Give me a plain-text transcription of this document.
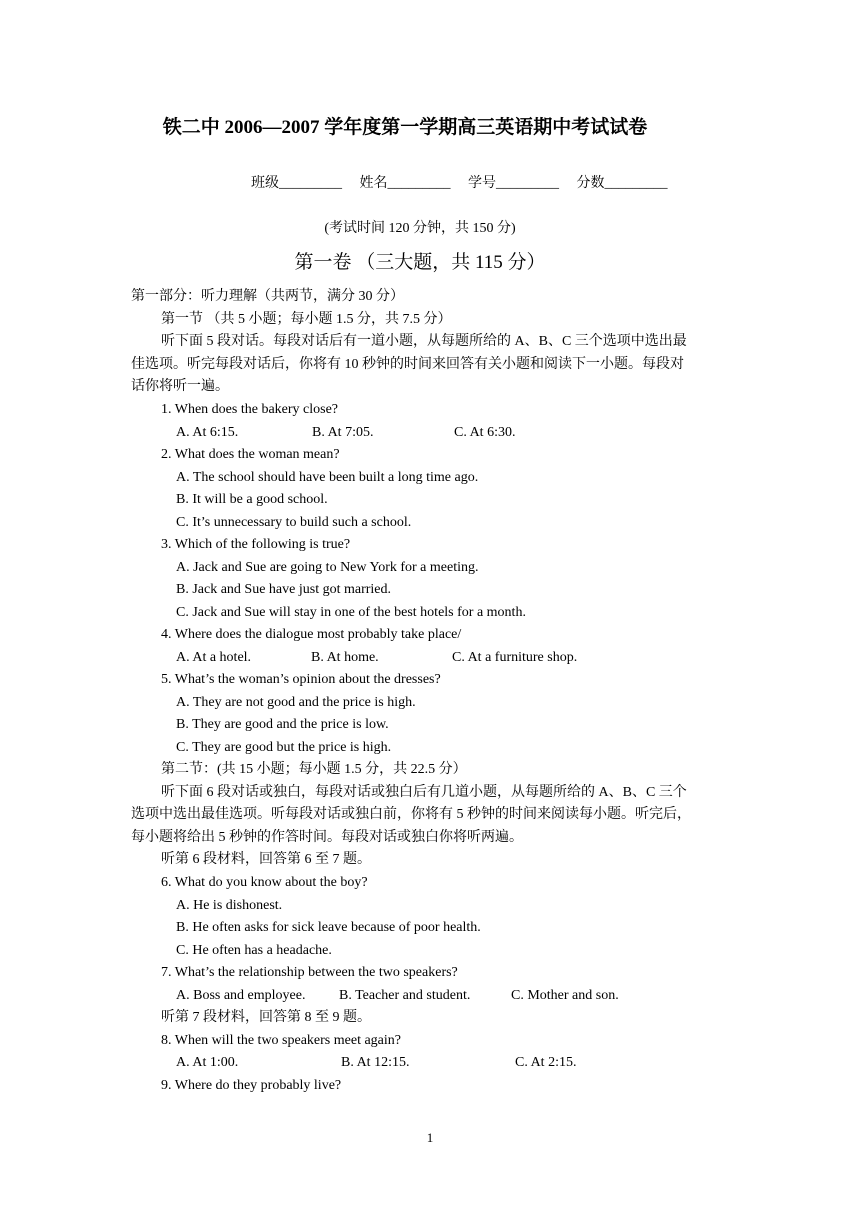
铁二中 2006—2007 学年度第一学期高三英语期中考试试卷
班级_________ 姓名_________ 学号_________ 分数_________
(考试时间 120 分钟，共 150 分)
第一卷 （三大题，共 115 分）
第一部分：听力理解（共两节，满分 30 分）
第一节 （共 5 小题；每小题 1.5 分，共 7.5 分）
听下面 5 段对话。每段对话后有一道小题，从每题所给的 A、B、C 三个选项中选出最
佳选项。听完每段对话后，你将有 10 秒钟的时间来回答有关小题和阅读下一小题。每段对
话你将听一遍。
1. When does the bakery close?
A. At 6:15.	B. At 7:05.	C. At 6:30.
2. What does the woman mean?
A. The school should have been built a long time ago.
B. It will be a good school.
C. It’s unnecessary to build such a school.
3. Which of the following is true?
A. Jack and Sue are going to New York for a meeting.
B. Jack and Sue have just got married.
C. Jack and Sue will stay in one of the best hotels for a month.
4. Where does the dialogue most probably take place/
A. At a hotel.	B. At home.	C. At a furniture shop.
5. What’s the woman’s opinion about the dresses?
A. They are not good and the price is high.
B. They are good and the price is low.
C. They are good but the price is high.
第二节：(共 15 小题；每小题 1.5 分，共 22.5 分）
听下面 6 段对话或独白，每段对话或独白后有几道小题，从每题所给的 A、B、C 三个
选项中选出最佳选项。听每段对话或独白前，你将有 5 秒钟的时间来阅读每小题。听完后，
每小题将给出 5 秒钟的作答时间。每段对话或独白你将听两遍。
听第 6 段材料，回答第 6 至 7 题。
6. What do you know about the boy?
A. He is dishonest.
B. He often asks for sick leave because of poor health.
C. He often has a headache.
7. What’s the relationship between the two speakers?
A. Boss and employee. B. Teacher and student.	C. Mother and son.
听第 7 段材料，回答第 8 至 9 题。
8. When will the two speakers meet again?
A. At 1:00.	B. At 12:15.	C. At 2:15.
9. Where do they probably live?
1
